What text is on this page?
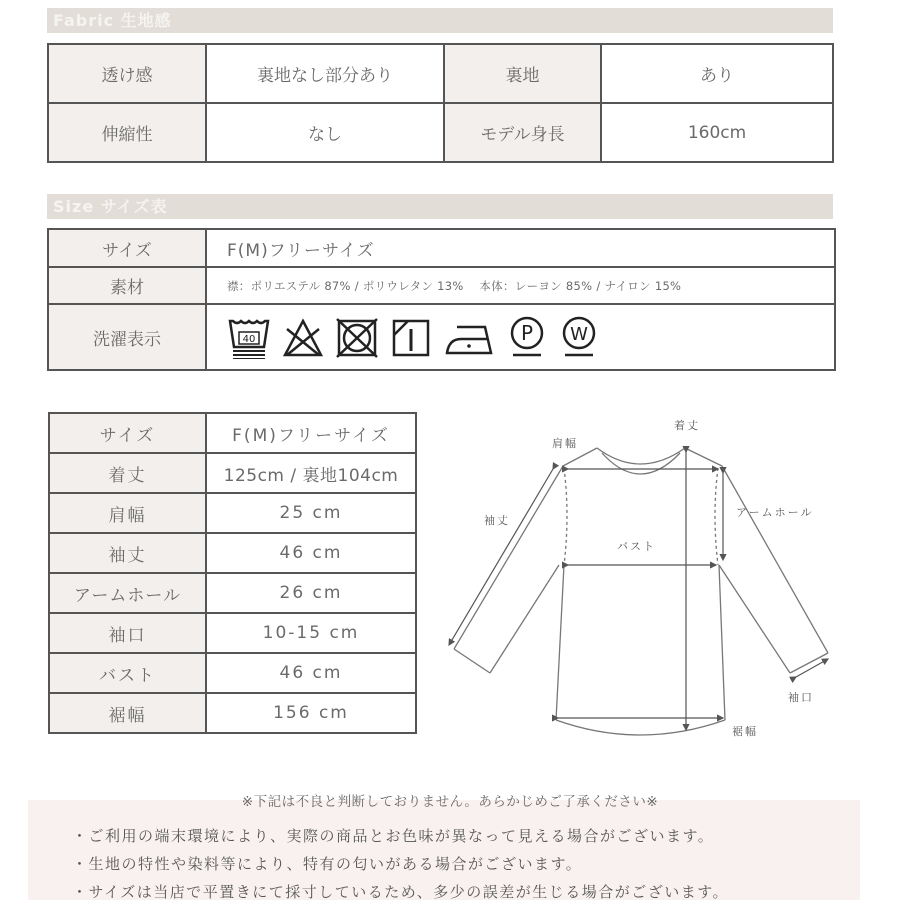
Fabric 生地感
透け感	裏地なし部分あり	裏地	あり
伸縮性	なし	モデル身長	160cm
Size サイズ表
サイズ	F(M)フリーサイズ
素材	襟：ポリエステル 87% / ポリウレタン 13%　 本体：レーヨン 85% / ナイロン 15%
洗濯表示	40 P W
サイズ	F(M)フリーサイズ
着丈	125cm / 裏地104cm
肩幅	25 cm
袖丈	46 cm
アームホール	26 cm
袖口	10-15 cm
バスト	46 cm
裾幅	156 cm
着丈
肩幅
袖丈
アームホール
バスト
袖口
裾幅
※下記は不良と判断しておりません。あらかじめご了承ください※
・ご利用の端末環境により、実際の商品とお色味が異なって見える場合がございます。
・生地の特性や染料等により、特有の匂いがある場合がございます。
・サイズは当店で平置きにて採寸しているため、多少の誤差が生じる場合がございます。
